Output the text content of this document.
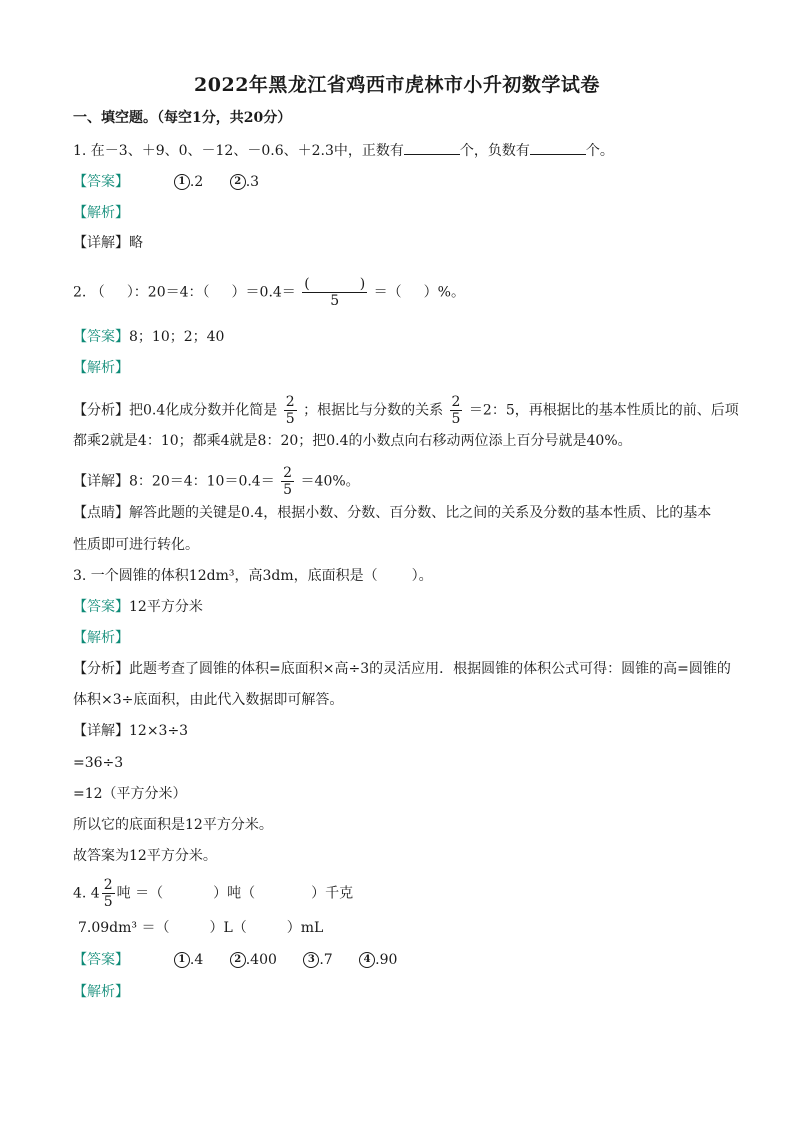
2022年黑龙江省鸡西市虎林市小升初数学试卷
一、填空题。（每空1分，共20分）
1. 在－3、＋9、0、－12、－0.6、＋2.3中，正数有	个，负数有	个。
【答案】	1 .2	2 .3
【解析】
【详解】略
2. （ ）：20＝4：（ ）＝0.4＝ (	)
5 ＝（ ）%。
【答案】8；10；2；40
【解析】
【分析】把0.4化成分数并化简是 $\frac{2}{5}$ ；根据比与分数的关系 $\frac{2}{5} =2$：5，再根据比的基本性质比的前、后项
都乘2就是4：10；都乘4就是8：20；把0.4的小数点向右移动两位添上百分号就是40%。
【详解】8：20＝4：$10=0.4= \frac{2}{5} =40\%$。
【点睛】解答此题的关键是0.4，根据小数、分数、百分数、比之间的关系及分数的基本性质、比的基本
性质即可进行转化。
3. 一个圆锥的体积12dm³，高3dm，底面积是（ ）。
【答案】12平方分米
【解析】
【分析】此题考查了圆锥的体积=底面积×高÷3的灵活应用．根据圆锥的体积公式可得：圆锥的高=圆锥的
体积×3÷底面积，由此代入数据即可解答。
【详解】12×3÷3
=36÷3
=12（平方分米）
所以它的底面积是12平方分米。
故答案为12平方分米。
4. $4 \frac{2}{5}$ 吨 ＝（	）吨（	）千克
7.09dm³ ＝（	）L（	）mL
【答案】	1 .4	2 .400	3 .7	4 .90
【解析】
